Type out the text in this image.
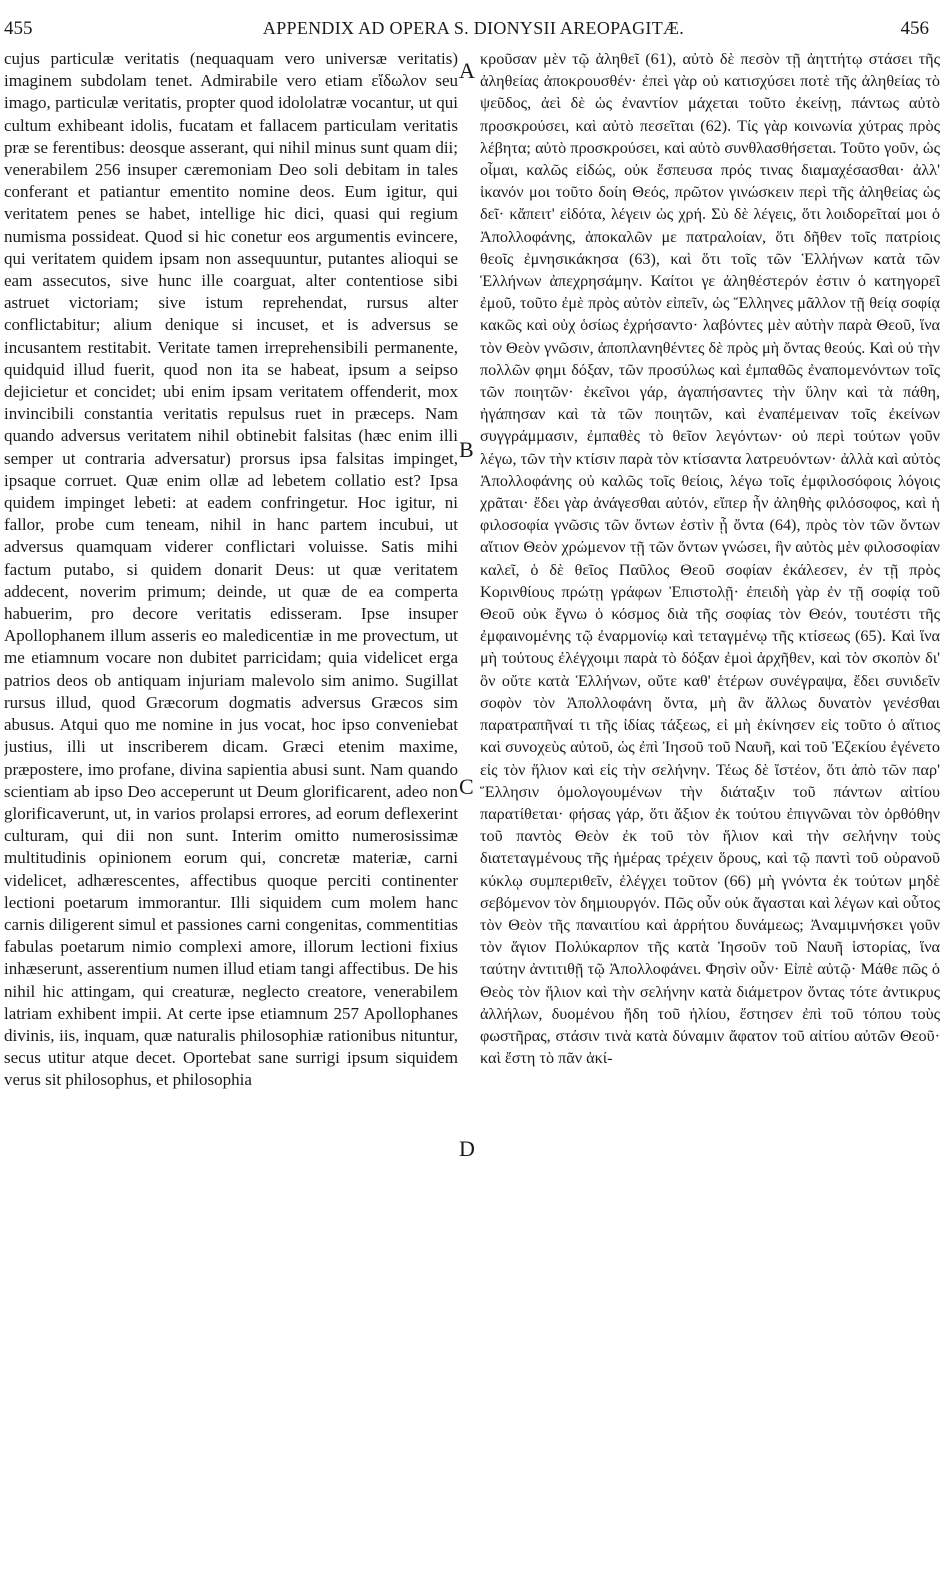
455	APPENDIX AD OPERA S. DIONYSII AREOPAGITÆ.	456

cujus particulæ veritatis (nequaquam vero universæ veritatis) imaginem subdolam tenet. Admirabile vero etiam εἴδωλον seu imago, particulæ veritatis, propter quod idololatræ vocantur, ut qui cultum exhibeant idolis, fucatam et fallacem particulam veritatis præ se ferentibus: deosque asserant, qui nihil minus sunt quam dii; venerabilem 256 insuper cæremoniam Deo soli debitam in tales conferant et patiantur ementito nomine deos. Eum igitur, qui veritatem penes se habet, intellige hic dici, quasi qui regium numisma possideat. Quod si hic conetur eos argumentis evincere, qui veritatem quidem ipsam non assequuntur, putantes alioqui se eam assecutos, sive hunc ille coarguat, alter contentiose sibi astruet victoriam; sive istum reprehendat, rursus alter conflictabitur; alium denique si incuset, et is adversus se incusantem restitabit. Veritate tamen irreprehensibili permanente, quidquid illud fuerit, quod non ita se habeat, ipsum a seipso dejicietur et concidet; ubi enim ipsam veritatem offenderit, mox invincibili constantia veritatis repulsus ruet in præceps. Nam quando adversus veritatem nihil obtinebit falsitas (hæc enim illi semper ut contraria adversatur) prorsus ipsa falsitas impinget, ipsaque corruet. Quæ enim ollæ ad lebetem collatio est? Ipsa quidem impinget lebeti: at eadem confringetur. Hoc igitur, ni fallor, probe cum teneam, nihil in hanc partem incubui, ut adversus quamquam viderer conflictari voluisse. Satis mihi factum putabo, si quidem donarit Deus: ut quæ veritatem addecent, noverim primum; deinde, ut quæ de ea comperta habuerim, pro decore veritatis edisseram. Ipse insuper Apollophanem illum asseris eo maledicentiæ in me provectum, ut me etiamnum vocare non dubitet parricidam; quia videlicet erga patrios deos ob antiquam injuriam malevolo sim animo. Sugillat rursus illud, quod Græcorum dogmatis adversus Græcos sim abusus. Atqui quo me nomine in jus vocat, hoc ipso conveniebat justius, illi ut inscriberem dicam. Græci etenim maxime, præpostere, imo profane, divina sapientia abusi sunt. Nam quando scientiam ab ipso Deo acceperunt ut Deum glorificarent, adeo non glorificaverunt, ut, in varios prolapsi errores, ad eorum deflexerint culturam, qui dii non sunt. Interim omitto numerosissimæ multitudinis opinionem eorum qui, concretæ materiæ, carni videlicet, adhærescentes, affectibus quoque perciti continenter lectioni poetarum immorantur. Illi siquidem cum molem hanc carnis diligerent simul et passiones carni congenitas, commentitias fabulas poetarum nimio complexi amore, illorum lectioni fixius inhæserunt, asserentium numen illud etiam tangi affectibus. De his nihil hic attingam, qui creaturæ, neglecto creatore, venerabilem latriam exhibent impii. At certe ipse etiamnum 257 Apollophanes divinis, iis, inquam, quæ naturalis philosophiæ rationibus nituntur, secus utitur atque decet. Oportebat sane surrigi ipsum siquidem verus sit philosophus, et philosophia

A
B
C
D

κροῦσαν μὲν τῷ ἀληθεῖ (61), αὐτὸ δὲ πεσὸν τῇ ἀηττήτῳ στάσει τῆς ἀληθείας ἀποκρουσθέν· ἐπεὶ γὰρ οὐ κατισχύσει ποτὲ τῆς ἀληθείας τὸ ψεῦδος, ἀεὶ δὲ ὡς ἐναντίον μάχεται τοῦτο ἐκείνῃ, πάντως αὐτὸ προσκρούσει, καὶ αὐτὸ πεσεῖται (62). Τίς γὰρ κοινωνία χύτρας πρὸς λέβητα; αὐτὸ προσκρούσει, καὶ αὐτὸ συνθλασθήσεται. Τοῦτο γοῦν, ὡς οἶμαι, καλῶς εἰδώς, οὐκ ἔσπευσα πρός τινας διαμαχέσασθαι· ἀλλ' ἱκανόν μοι τοῦτο δοίη Θεός, πρῶτον γινώσκειν περὶ τῆς ἀληθείας ὡς δεῖ· κἄπειτ' εἰδότα, λέγειν ὡς χρή. Σὺ δὲ λέγεις, ὅτι λοιδορεῖταί μοι ὁ Ἀπολλοφάνης, ἀποκαλῶν με πατραλοίαν, ὅτι δῆθεν τοῖς πατρίοις θεοῖς ἐμνησικάκησα (63), καὶ ὅτι τοῖς τῶν Ἑλλήνων κατὰ τῶν Ἑλλήνων ἀπεχρησάμην. Καίτοι γε ἀληθέστερόν ἐστιν ὁ κατηγορεῖ ἐμοῦ, τοῦτο ἐμὲ πρὸς αὐτὸν εἰπεῖν, ὡς Ἕλληνες μᾶλλον τῇ θείᾳ σοφίᾳ κακῶς καὶ οὐχ ὁσίως ἐχρήσαντο· λαβόντες μὲν αὐτὴν παρὰ Θεοῦ, ἵνα τὸν Θεὸν γνῶσιν, ἀποπλανηθέντες δὲ πρὸς μὴ ὄντας θεούς. Καὶ οὐ τὴν πολλῶν φημι δόξαν, τῶν προσύλως καὶ ἐμπαθῶς ἐναπομενόντων τοῖς τῶν ποιητῶν· ἐκεῖνοι γάρ, ἀγαπήσαντες τὴν ὕλην καὶ τὰ πάθη, ἠγάπησαν καὶ τὰ τῶν ποιητῶν, καὶ ἐναπέμειναν τοῖς ἐκείνων συγγράμμασιν, ἐμπαθὲς τὸ θεῖον λεγόντων· οὐ περὶ τούτων γοῦν λέγω, τῶν τὴν κτίσιν παρὰ τὸν κτίσαντα λατρευόντων· ἀλλὰ καὶ αὐτὸς Ἀπολλοφάνης οὐ καλῶς τοῖς θείοις, λέγω τοῖς ἐμφιλοσόφοις λόγοις χρᾶται· ἔδει γὰρ ἀνάγεσθαι αὐτόν, εἴπερ ἦν ἀληθὴς φιλόσοφος, καὶ ἡ φιλοσοφία γνῶσις τῶν ὄντων ἐστὶν ᾗ ὄντα (64), πρὸς τὸν τῶν ὄντων αἴτιον Θεὸν χρώμενον τῇ τῶν ὄντων γνώσει, ἣν αὐτὸς μὲν φιλοσοφίαν καλεῖ, ὁ δὲ θεῖος Παῦλος Θεοῦ σοφίαν ἐκάλεσεν, ἐν τῇ πρὸς Κορινθίους πρώτῃ γράφων Ἐπιστολῇ· ἐπειδὴ γὰρ ἐν τῇ σοφίᾳ τοῦ Θεοῦ οὐκ ἔγνω ὁ κόσμος διὰ τῆς σοφίας τὸν Θεόν, τουτέστι τῆς ἐμφαινομένης τῷ ἐναρμονίῳ καὶ τεταγμένῳ τῆς κτίσεως (65). Καὶ ἵνα μὴ τούτους ἐλέγχοιμι παρὰ τὸ δόξαν ἐμοὶ ἀρχῆθεν, καὶ τὸν σκοπὸν δι' ὃν οὔτε κατὰ Ἑλλήνων, οὔτε καθ' ἑτέρων συνέγραψα, ἔδει συνιδεῖν σοφὸν τὸν Ἀπολλοφάνη ὄντα, μὴ ἂν ἄλλως δυνατὸν γενέσθαι παρατραπῆναί τι τῆς ἰδίας τάξεως, εἰ μὴ ἐκίνησεν εἰς τοῦτο ὁ αἴτιος καὶ συνοχεὺς αὐτοῦ, ὡς ἐπὶ Ἰησοῦ τοῦ Ναυῆ, καὶ τοῦ Ἐζεκίου ἐγένετο εἰς τὸν ἥλιον καὶ εἰς τὴν σελήνην. Τέως δὲ ἴστέον, ὅτι ἀπὸ τῶν παρ' Ἕλλησιν ὁμολογουμένων τὴν διάταξιν τοῦ πάντων αἰτίου παρατίθεται· φήσας γάρ, ὅτι ἄξιον ἐκ τούτου ἐπιγνῶναι τὸν ὀρθόθην τοῦ παντὸς Θεὸν ἐκ τοῦ τὸν ἥλιον καὶ τὴν σελήνην τοὺς διατεταγμένους τῆς ἡμέρας τρέχειν ὅρους, καὶ τῷ παντὶ τοῦ οὐρανοῦ κύκλῳ συμπεριθεῖν, ἐλέγχει τοῦτον (66) μὴ γνόντα ἐκ τούτων μηδὲ σεβόμενον τὸν δημιουργόν. Πῶς οὖν οὐκ ἄγασται καὶ λέγων καὶ οὗτος τὸν Θεὸν τῆς παναιτίου καὶ ἀρρήτου δυνάμεως; Ἀναμιμνήσκει γοῦν τὸν ἅγιον Πολύκαρπον τῆς κατὰ Ἰησοῦν τοῦ Ναυῆ ἱστορίας, ἵνα ταύτην ἀντιτιθῇ τῷ Ἀπολλοφάνει. Φησὶν οὖν· Εἰπὲ αὐτῷ· Μάθε πῶς ὁ Θεὸς τὸν ἥλιον καὶ τὴν σελήνην κατὰ διάμετρον ὄντας τότε ἀντικρυς ἀλλήλων, δυομένου ἤδη τοῦ ἡλίου, ἔστησεν ἐπὶ τοῦ τόπου τοὺς φωστῆρας, στάσιν τινὰ κατὰ δύναμιν ἄφατον τοῦ αἰτίου αὐτῶν Θεοῦ· καὶ ἔστη τὸ πᾶν ἀκί-
